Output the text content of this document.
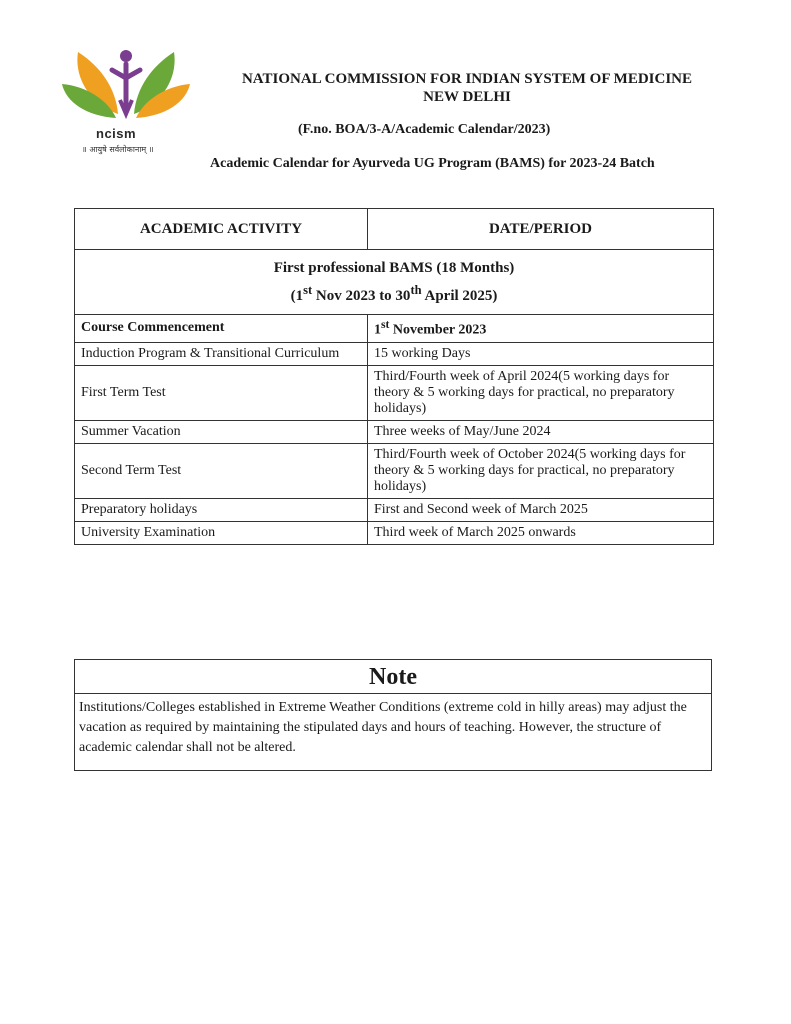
ncism
॥ आयुषे सर्वलोकानाम् ॥
NATIONAL COMMISSION FOR INDIAN SYSTEM OF MEDICINE
NEW DELHI
(F.no. BOA/3-A/Academic Calendar/2023)
Academic Calendar for Ayurveda UG Program (BAMS) for 2023-24 Batch
ACADEMIC ACTIVITY	DATE/PERIOD

First professional BAMS (18 Months)
(1st Nov 2023 to 30th April 2025)	

Course Commencement	1st November 2023
Induction Program & Transitional Curriculum	15 working Days
First Term Test	Third/Fourth week of April 2024(5 working days for theory & 5 working days for practical, no preparatory holidays)
Summer Vacation	Three weeks of May/June 2024
Second Term Test	Third/Fourth week of October 2024(5 working days for theory & 5 working days for practical, no preparatory holidays)
Preparatory holidays	First and Second week of March 2025
University Examination	Third week of March 2025 onwards
Note
Institutions/Colleges established in Extreme Weather Conditions (extreme cold in hilly areas) may adjust the vacation as required by maintaining the stipulated days and hours of teaching. However, the structure of academic calendar shall not be altered.
